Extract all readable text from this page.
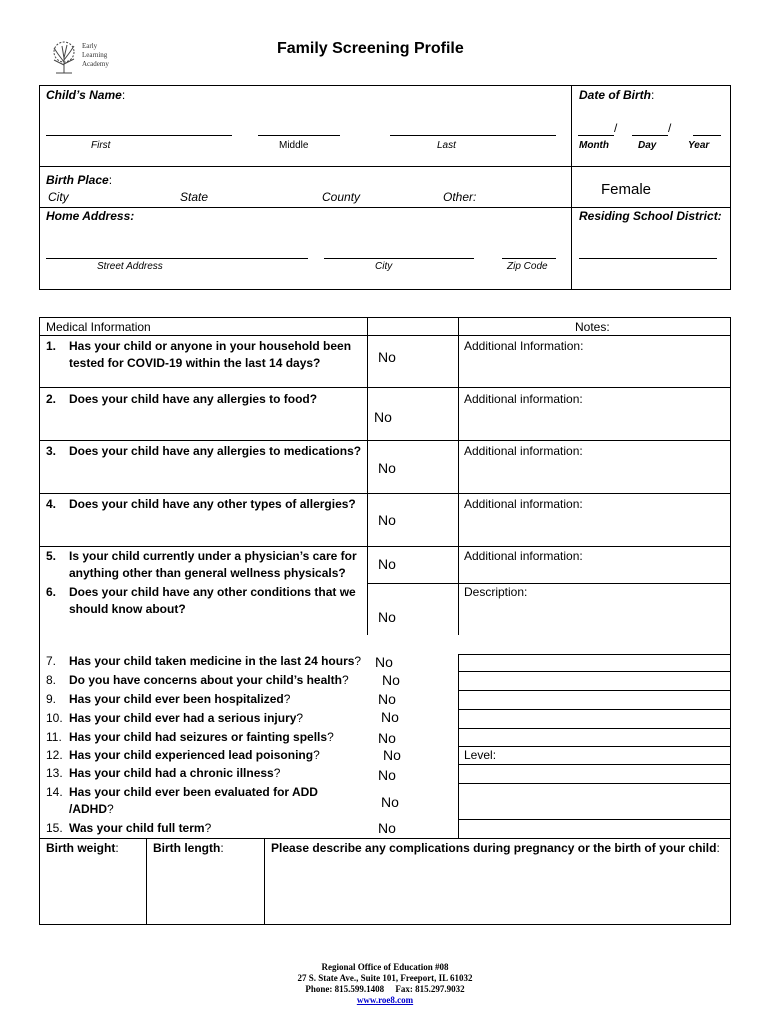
Early
Learning
Academy
Family Screening Profile
Child’s Name:
First	Middle	Last
Date of Birth:
/	/
Month	Day	Year
Birth Place:
City	State	County	Other:	Female
Home Address:	Residing School District:
Street Address	City	Zip Code
Medical Information	Notes:
1. Has your child or anyone in your household been tested for COVID-19 within the last 14 days?	No
Additional Information:
2. Does your child have any allergies to food?
No
Additional information:
3. Does your child have any allergies to medications?
No
Additional information:
4. Does your child have any other types of allergies?
No
Additional information:
5. Is your child currently under a physician’s care for anything other than general wellness physicals?
No	Additional information:
6. Does your child have any other conditions that we should know about?	No
Description:
7. Has your child taken medicine in the last 24 hours? No
8. Do you have concerns about your child’s health?	No
9. Has your child ever been hospitalized?	No
10. Has your child ever had a serious injury?	No
11. Has your child had seizures or fainting spells?	No
12. Has your child experienced lead poisoning?	No	Level:
13. Has your child had a chronic illness?	No
14. Has your child ever been evaluated for ADD /ADHD?	No
15. Was your child full term?	No
Birth weight:	Birth length:	Please describe any complications during pregnancy or the birth of your child:
Regional Office of Education #08
27 S. State Ave., Suite 101, Freeport, IL 61032
Phone: 815.599.1408     Fax: 815.297.9032
www.roe8.com
